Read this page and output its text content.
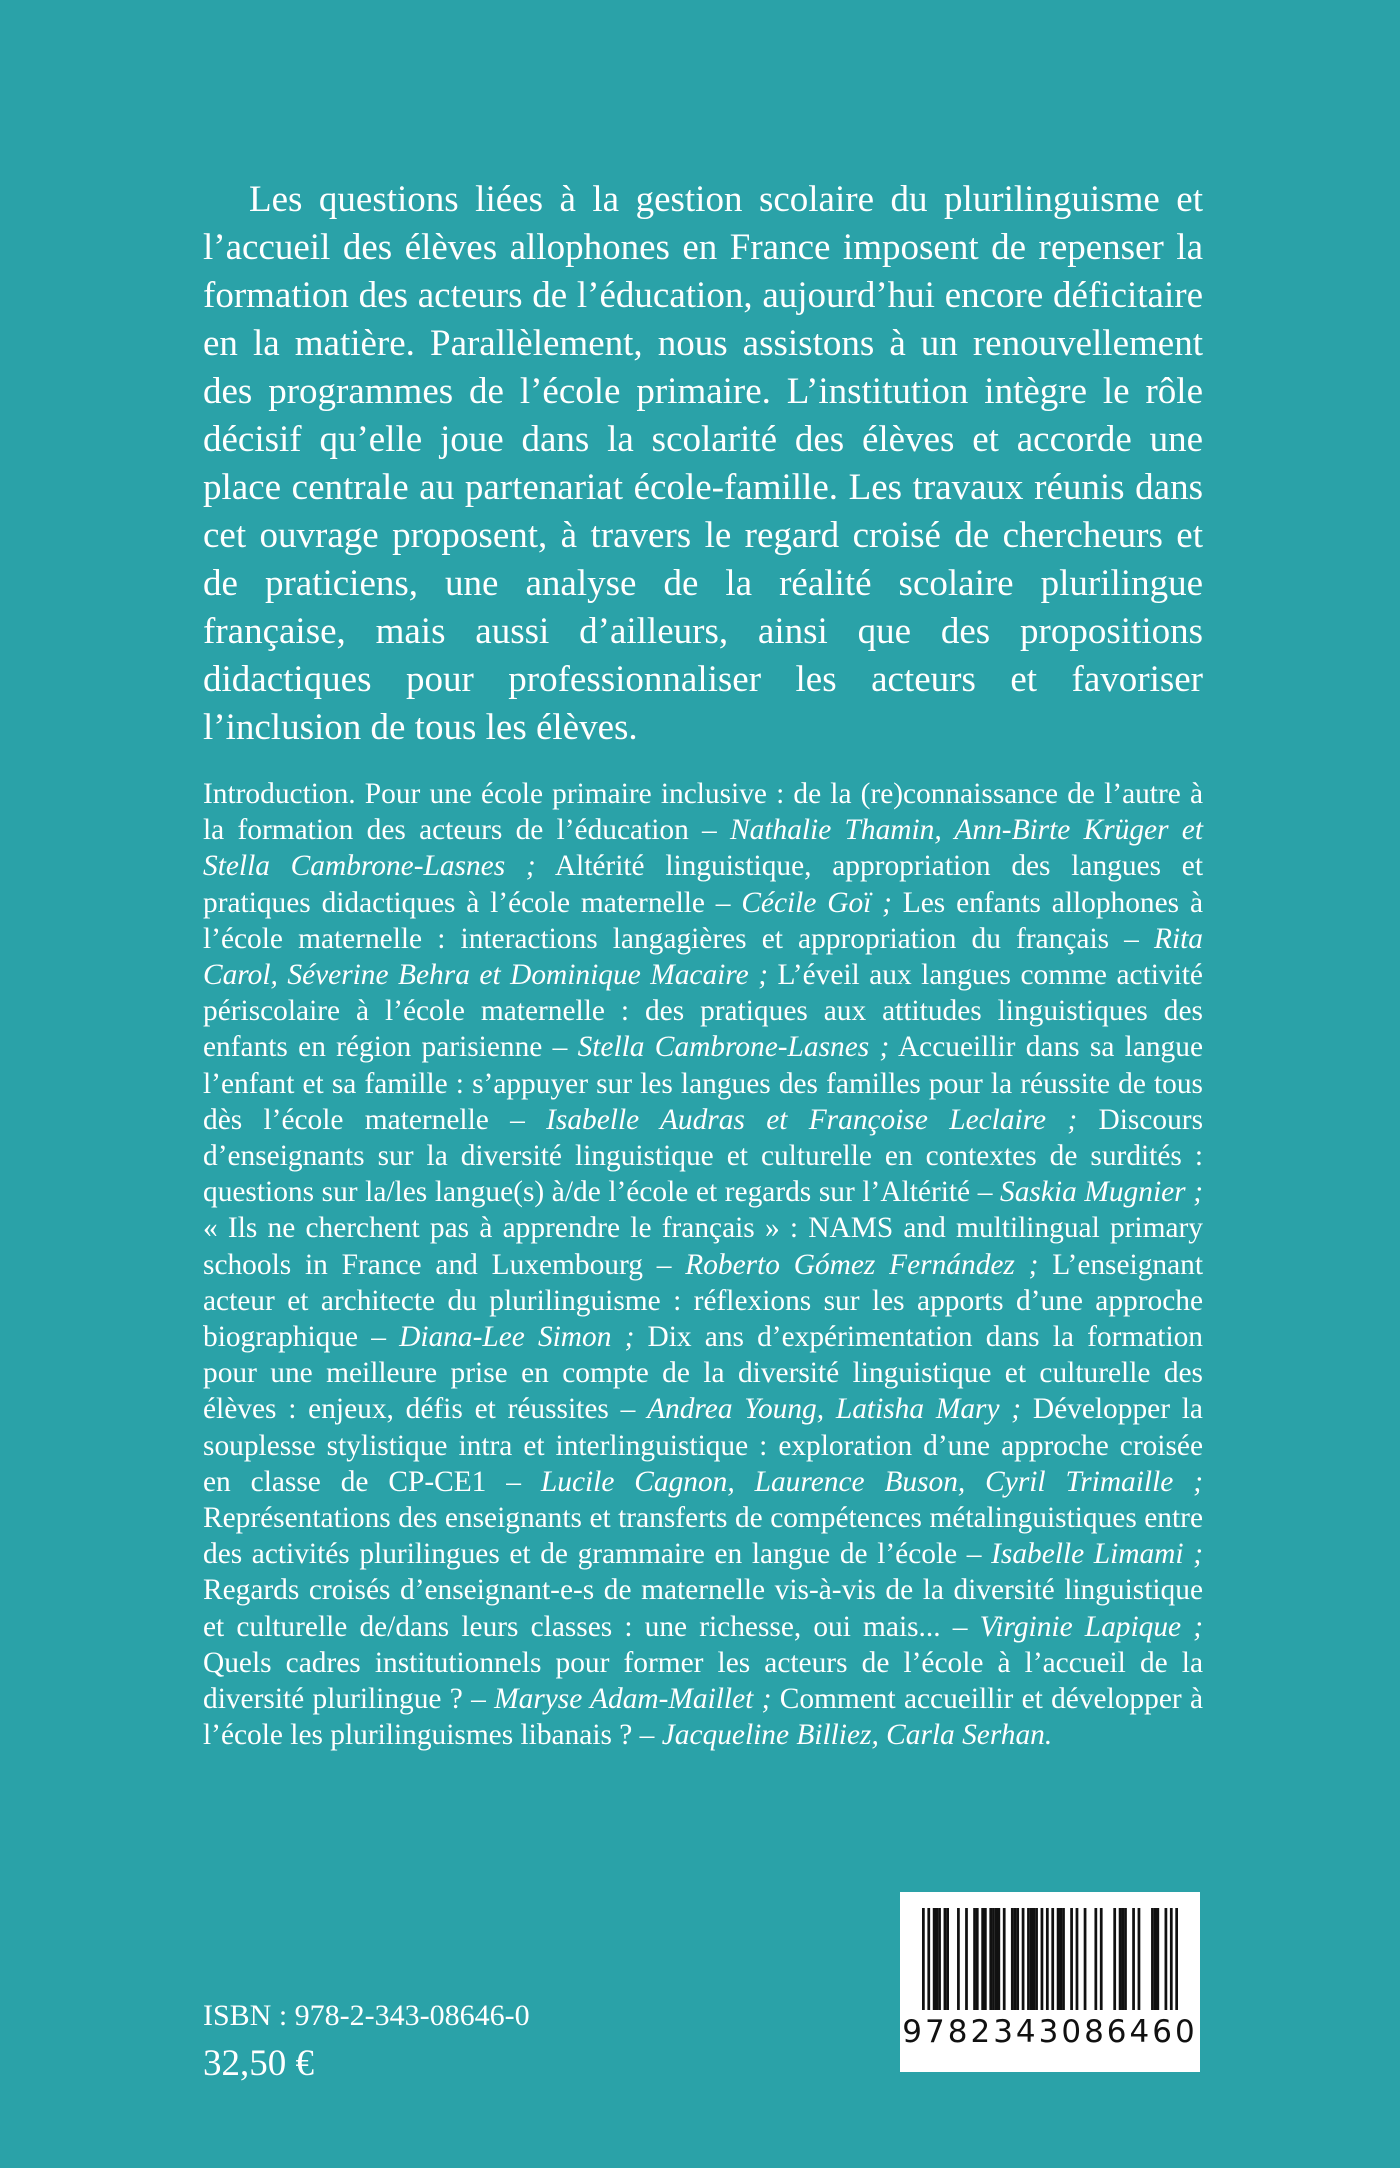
Les questions liées à la gestion scolaire du plurilinguisme et l’accueil des élèves allophones en France imposent de repenser la formation des acteurs de l’éducation, aujourd’hui encore déficitaire en la matière. Parallèlement, nous assistons à un renouvellement des programmes de l’école primaire. L’institution intègre le rôle décisif qu’elle joue dans la scolarité des élèves et accorde une place centrale au partenariat école-famille. Les travaux réunis dans cet ouvrage proposent, à travers le regard croisé de chercheurs et de praticiens, une analyse de la réalité scolaire plurilingue française, mais aussi d’ailleurs, ainsi que des propositions didactiques pour professionnaliser les acteurs et favoriser l’inclusion de tous les élèves.

Introduction. Pour une école primaire inclusive : de la (re)connaissance de l’autre à la formation des acteurs de l’éducation – Nathalie Thamin, Ann-Birte Krüger et Stella Cambrone-Lasnes ; Altérité linguistique, appropriation des langues et pratiques didactiques à l’école maternelle – Cécile Goï ; Les enfants allophones à l’école maternelle : interactions langagières et appropriation du français – Rita Carol, Séverine Behra et Dominique Macaire ; L’éveil aux langues comme activité périscolaire à l’école maternelle : des pratiques aux attitudes linguistiques des enfants en région parisienne – Stella Cambrone-Lasnes ; Accueillir dans sa langue l’enfant et sa famille : s’appuyer sur les langues des familles pour la réussite de tous dès l’école maternelle – Isabelle Audras et Françoise Leclaire ; Discours d’enseignants sur la diversité linguistique et culturelle en contextes de surdités : questions sur la/les langue(s) à/de l’école et regards sur l’Altérité – Saskia Mugnier ; « Ils ne cherchent pas à apprendre le français » : NAMS and multilingual primary schools in France and Luxembourg – Roberto Gómez Fernández ; L’enseignant acteur et architecte du plurilinguisme : réflexions sur les apports d’une approche biographique – Diana-Lee Simon ; Dix ans d’expérimentation dans la formation pour une meilleure prise en compte de la diversité linguistique et culturelle des élèves : enjeux, défis et réussites – Andrea Young, Latisha Mary ; Développer la souplesse stylistique intra et interlinguistique : exploration d’une approche croisée en classe de CP-CE1 – Lucile Cagnon, Laurence Buson, Cyril Trimaille ; Représentations des enseignants et transferts de compétences métalinguistiques entre des activités plurilingues et de grammaire en langue de l’école – Isabelle Limami ; Regards croisés d’enseignant-e-s de maternelle vis-à-vis de la diversité linguistique et culturelle de/dans leurs classes : une richesse, oui mais... – Virginie Lapique ; Quels cadres institutionnels pour former les acteurs de l’école à l’accueil de la diversité plurilingue ? – Maryse Adam-Maillet ; Comment accueillir et développer à l’école les plurilinguismes libanais ? – Jacqueline Billiez, Carla Serhan.

ISBN : 978-2-343-08646-0

32,50 €

9782343086460
